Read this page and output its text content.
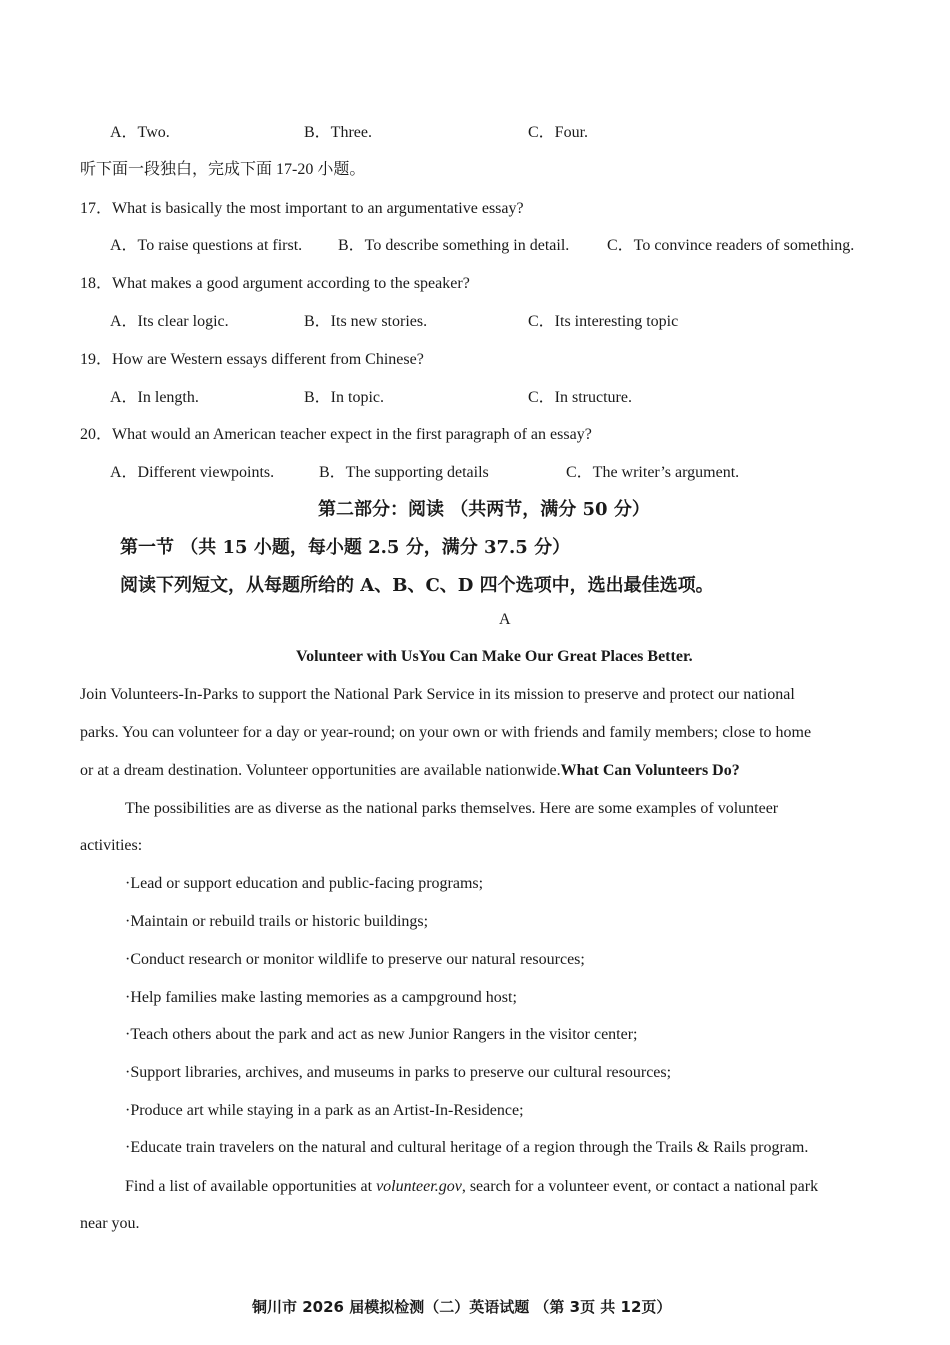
A．Two.	B．Three.	C．Four.
听下面一段独白，完成下面 17-20 小题。
17．What is basically the most important to an argumentative essay?
A．To raise questions at first. B．To describe something in detail. C．To convince readers of something.
18．What makes a good argument according to the speaker?
A．Its clear logic.	B．Its new stories.	C．Its interesting topic
19．How are Western essays different from Chinese?
A．In length.	B．In topic.	C．In structure.
20．What would an American teacher expect in the first paragraph of an essay?
A．Different viewpoints.	B．The supporting details	C．The writer’s argument.
第二部分：阅读 （共两节，满分 50 分）
第一节 （共 15 小题，每小题 2.5 分，满分 37.5 分）
阅读下列短文，从每题所给的 A、B、C、D 四个选项中，选出最佳选项。
A
Volunteer with UsYou Can Make Our Great Places Better.
Join Volunteers-In-Parks to support the National Park Service in its mission to preserve and protect our national
parks. You can volunteer for a day or year-round; on your own or with friends and family members; close to home
or at a dream destination. Volunteer opportunities are available nationwide.What Can Volunteers Do?
The possibilities are as diverse as the national parks themselves. Here are some examples of volunteer
activities:
·Lead or support education and public-facing programs;
·Maintain or rebuild trails or historic buildings;
·Conduct research or monitor wildlife to preserve our natural resources;
·Help families make lasting memories as a campground host;
·Teach others about the park and act as new Junior Rangers in the visitor center;
·Support libraries, archives, and museums in parks to preserve our cultural resources;
·Produce art while staying in a park as an Artist-In-Residence;
·Educate train travelers on the natural and cultural heritage of a region through the Trails & Rails program.
Find a list of available opportunities at volunteer.gov, search for a volunteer event, or contact a national park
near you.
铜川市 2026 届模拟检测（二）英语试题 （第 3页 共 12页）
